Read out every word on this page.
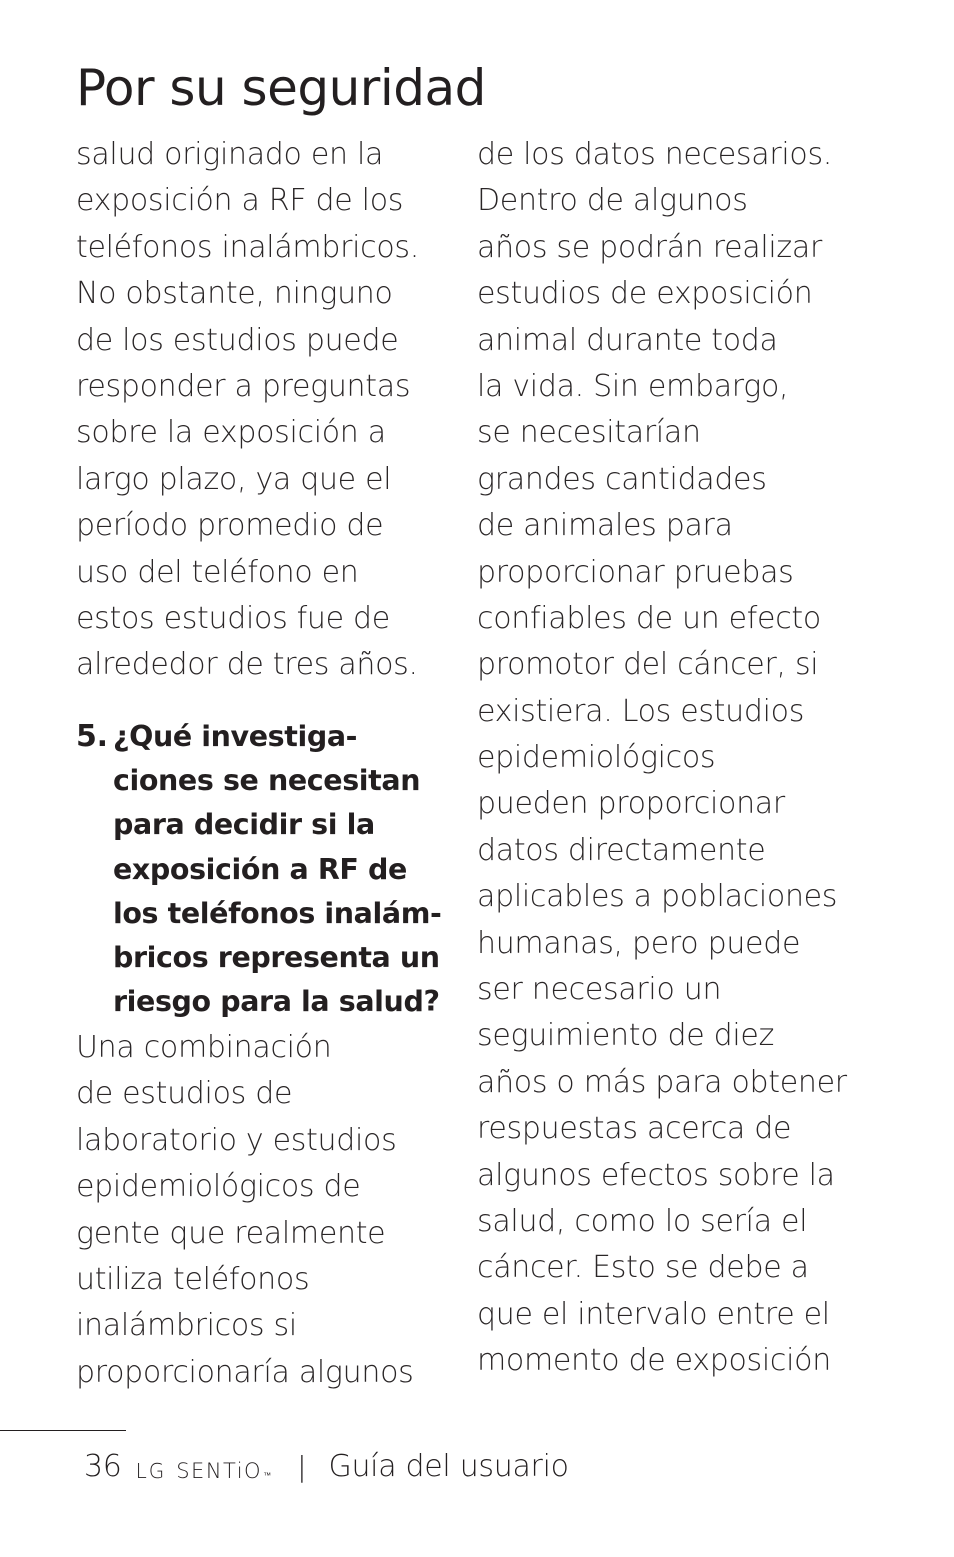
Por su seguridad
salud originado en la
exposición a RF de los
teléfonos inalámbricos.
No obstante, ninguno
de los estudios puede
responder a preguntas
sobre la exposición a
largo plazo, ya que el
período promedio de
uso del teléfono en
estos estudios fue de
alrededor de tres años.
5. ¿Qué investiga-
ciones se necesitan
para decidir si la
exposición a RF de
los teléfonos inalám-
bricos representa un
riesgo para la salud?
Una combinación
de estudios de
laboratorio y estudios
epidemiológicos de
gente que realmente
utiliza teléfonos
inalámbricos si
proporcionaría algunos
de los datos necesarios.
Dentro de algunos
años se podrán realizar
estudios de exposición
animal durante toda
la vida. Sin embargo,
se necesitarían
grandes cantidades
de animales para
proporcionar pruebas
confiables de un efecto
promotor del cáncer, si
existiera. Los estudios
epidemiológicos
pueden proporcionar
datos directamente
aplicables a poblaciones
humanas, pero puede
ser necesario un
seguimiento de diez
años o más para obtener
respuestas acerca de
algunos efectos sobre la
salud, como lo sería el
cáncer. Esto se debe a
que el intervalo entre el
momento de exposición
36 LG SENTiO ™ | Guía del usuario
